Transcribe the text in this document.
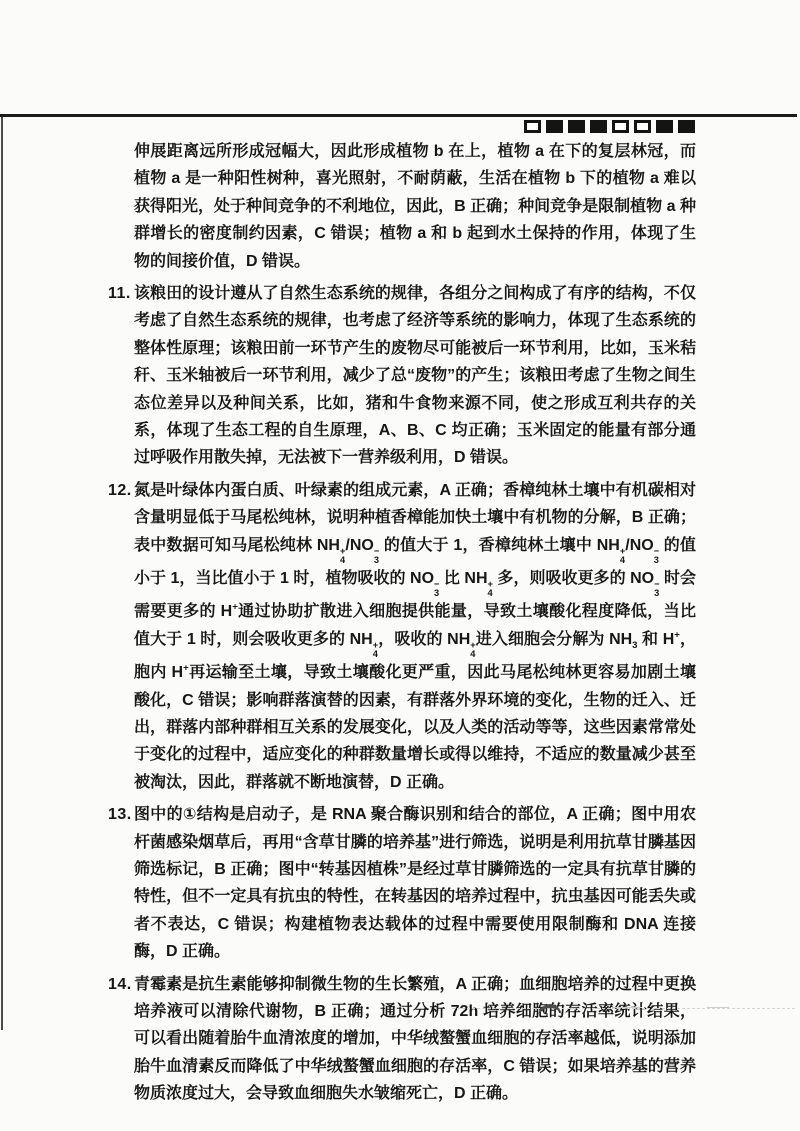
伸展距离远所形成冠幅大，因此形成植物 b 在上，植物 a 在下的复层林冠，而植物 a 是一种阳性树种，喜光照射，不耐荫蔽，生活在植物 b 下的植物 a 难以获得阳光，处于种间竞争的不利地位，因此，B 正确；种间竞争是限制植物 a 种群增长的密度制约因素，C 错误；植物 a 和 b 起到水土保持的作用，体现了生物的间接价值，D 错误。
11. 该粮田的设计遵从了自然生态系统的规律，各组分之间构成了有序的结构，不仅考虑了自然生态系统的规律，也考虑了经济等系统的影响力，体现了生态系统的整体性原理；该粮田前一环节产生的废物尽可能被后一环节利用，比如，玉米秸秆、玉米轴被后一环节利用，减少了总“废物”的产生；该粮田考虑了生物之间生态位差异以及种间关系，比如，猪和牛食物来源不同，使之形成互利共存的关系，体现了生态工程的自生原理，A、B、C 均正确；玉米固定的能量有部分通过呼吸作用散失掉，无法被下一营养级利用，D 错误。
12. 氮是叶绿体内蛋白质、叶绿素的组成元素，A 正确；香樟纯林土壤中有机碳相对含量明显低于马尾松纯林，说明种植香樟能加快土壤中有机物的分解，B 正确；表中数据可知马尾松纯林 NH +
4
/NO −
3
的值大于 1，香樟纯林土壤中 NH +
4
/NO −
3
的值小于 1，当比值小于 1 时，植物吸收的 NO −
3
比 NH +
4
多，则吸收更多的 NO −
3
时会需要更多的 H+通过协助扩散进入细胞提供能量，导致土壤酸化程度降低，当比值大于 1 时，则会吸收更多的 NH +
4
，吸收的 NH +
4
进入细胞会分解为 $NH_3$ 和 H+，胞内 H+再运输至土壤，导致土壤酸化更严重，因此马尾松纯林更容易加剧土壤酸化，C 错误；影响群落演替的因素，有群落外界环境的变化，生物的迁入、迁出，群落内部种群相互关系的发展变化，以及人类的活动等等，这些因素常常处于变化的过程中，适应变化的种群数量增长或得以维持，不适应的数量减少甚至被淘汰，因此，群落就不断地演替，D 正确。
13. 图中的①结构是启动子，是 RNA 聚合酶识别和结合的部位，A 正确；图中用农杆菌感染烟草后，再用“含草甘膦的培养基”进行筛选，说明是利用抗草甘膦基因筛选标记，B 正确；图中“转基因植株”是经过草甘膦筛选的一定具有抗草甘膦的特性，但不一定具有抗虫的特性，在转基因的培养过程中，抗虫基因可能丢失或者不表达，C 错误；构建植物表达载体的过程中需要使用限制酶和 DNA 连接酶，D 正确。
14. 青霉素是抗生素能够抑制微生物的生长繁殖，A 正确；血细胞培养的过程中更换培养液可以清除代谢物，B 正确；通过分析 72h 培养细胞的存活率统计结果，可以看出随着胎牛血清浓度的增加，中华绒螯蟹血细胞的存活率越低，说明添加胎牛血清素反而降低了中华绒螯蟹血细胞的存活率，C 错误；如果培养基的营养物质浓度过大，会导致血细胞失水皱缩死亡，D 正确。
